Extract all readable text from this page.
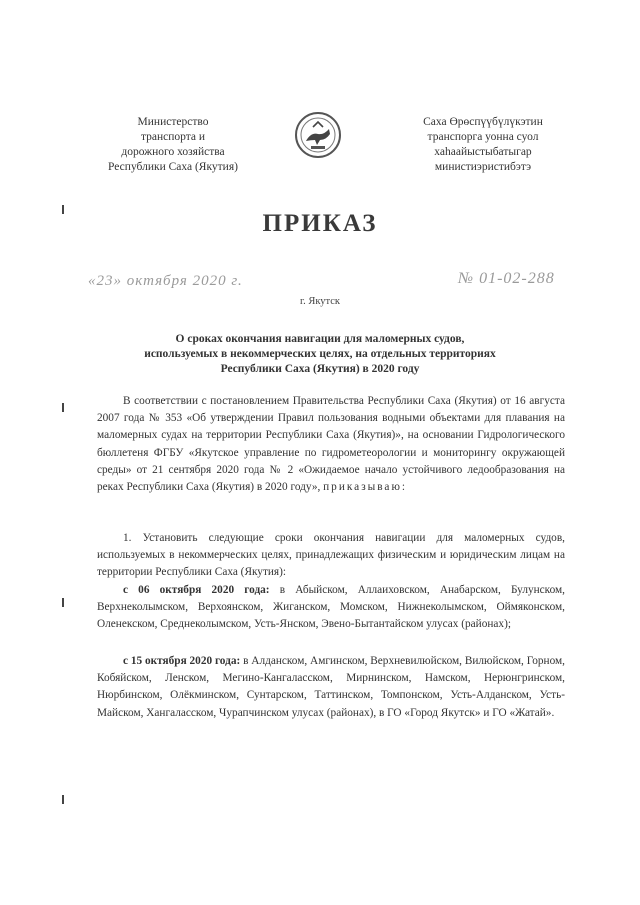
Министерство
транспорта и
дорожного хозяйства
Республики Саха (Якутия)
Саха Өрөспүүбүлүкэтин
транспорга уонна суол
хаһаайыстыбатыгар
министиэристибэтэ
ПРИКАЗ
«23» октября 2020 г.	№ 01-02-288
г. Якутск
О сроках окончания навигации для маломерных судов,
используемых в некоммерческих целях, на отдельных территориях
Республики Саха (Якутия) в 2020 году

В соответствии с постановлением Правительства Республики Саха (Якутия) от 16 августа 2007 года № 353 «Об утверждении Правил пользования водными объектами для плавания на маломерных судах на территории Республики Саха (Якутия)», на основании Гидрологического бюллетеня ФГБУ «Якутское управление по гидрометеорологии и мониторингу окружающей среды» от 21 сентября 2020 года № 2 «Ожидаемое начало устойчивого ледообразования на реках Республики Саха (Якутия) в 2020 году», приказываю:

1. Установить следующие сроки окончания навигации для маломерных судов, используемых в некоммерческих целях, принадлежащих физическим и юридическим лицам на территории Республики Саха (Якутия):

с 06 октября 2020 года: в Абыйском, Аллаиховском, Анабарском, Булунском, Верхнеколымском, Верхоянском, Жиганском, Момском, Нижнеколымском, Оймяконском, Оленекском, Среднеколымском, Усть-Янском, Эвено-Бытантайском улусах (районах);

с 15 октября 2020 года: в Алданском, Амгинском, Верхневилюйском, Вилюйском, Горном, Кобяйском, Ленском, Мегино-Кангаласском, Мирнинском, Намском, Нерюнгринском, Нюрбинском, Олёкминском, Сунтарском, Таттинском, Томпонском, Усть-Алданском, Усть-Майском, Хангаласском, Чурапчинском улусах (районах), в ГО «Город Якутск» и ГО «Жатай».
